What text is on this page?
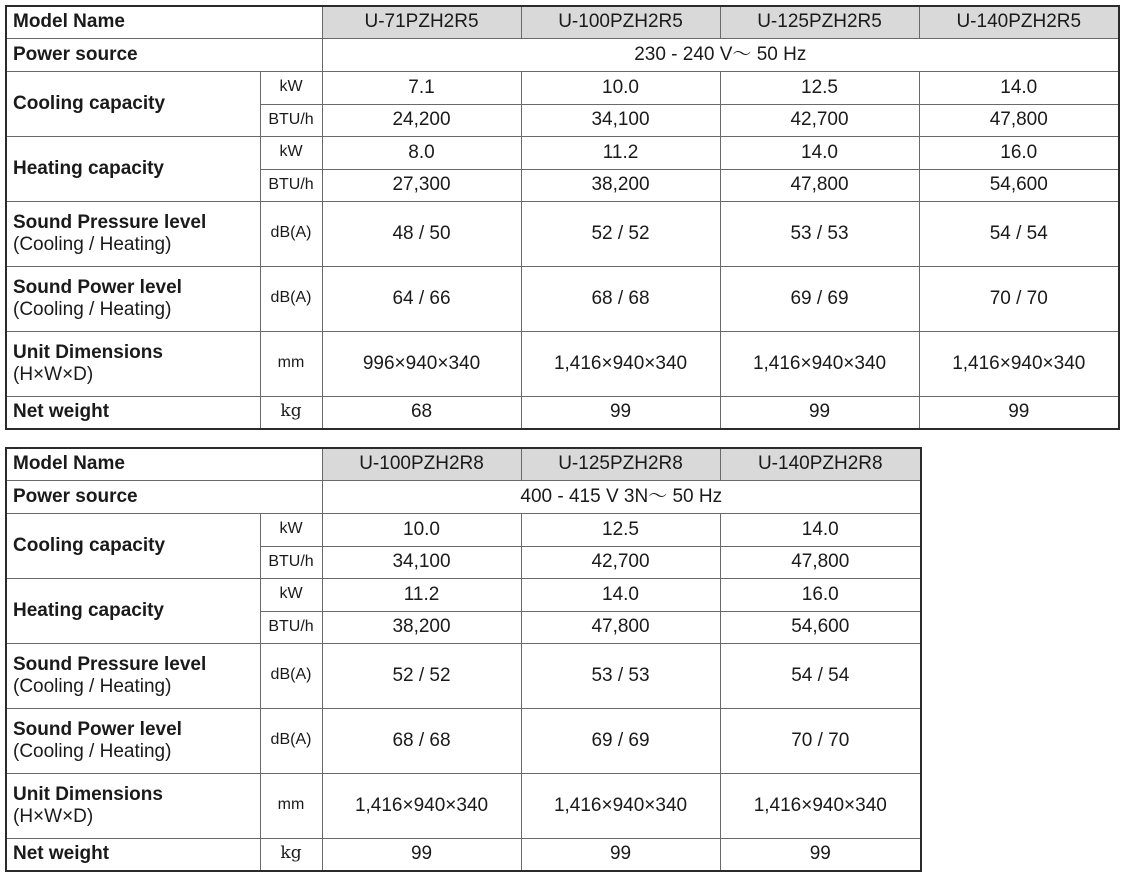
Model Name		U-71PZH2R5	U-100PZH2R5	U-125PZH2R5	U-140PZH2R5
Power source		230 - 240 V〜 50 Hz			
Cooling capacity	kW	7.1	10.0	12.5	14.0
	BTU/h	24,200	34,100	42,700	47,800
Heating capacity	kW	8.0	11.2	14.0	16.0
	BTU/h	27,300	38,200	47,800	54,600
Sound Pressure level
(Cooling / Heating)	dB(A)	48 / 50	52 / 52	53 / 53	54 / 54
Sound Power level
(Cooling / Heating)	dB(A)	64 / 66	68 / 68	69 / 69	70 / 70
Unit Dimensions
(H×W×D)	mm	996×940×340	1,416×940×340	1,416×940×340	1,416×940×340
Net weight	kg	68	99	99	99
Model Name		U-100PZH2R8	U-125PZH2R8	U-140PZH2R8
Power source		400 - 415 V 3N〜 50 Hz		
Cooling capacity	kW	10.0	12.5	14.0
	BTU/h	34,100	42,700	47,800
Heating capacity	kW	11.2	14.0	16.0
	BTU/h	38,200	47,800	54,600
Sound Pressure level
(Cooling / Heating)	dB(A)	52 / 52	53 / 53	54 / 54
Sound Power level
(Cooling / Heating)	dB(A)	68 / 68	69 / 69	70 / 70
Unit Dimensions
(H×W×D)	mm	1,416×940×340	1,416×940×340	1,416×940×340
Net weight	kg	99	99	99
